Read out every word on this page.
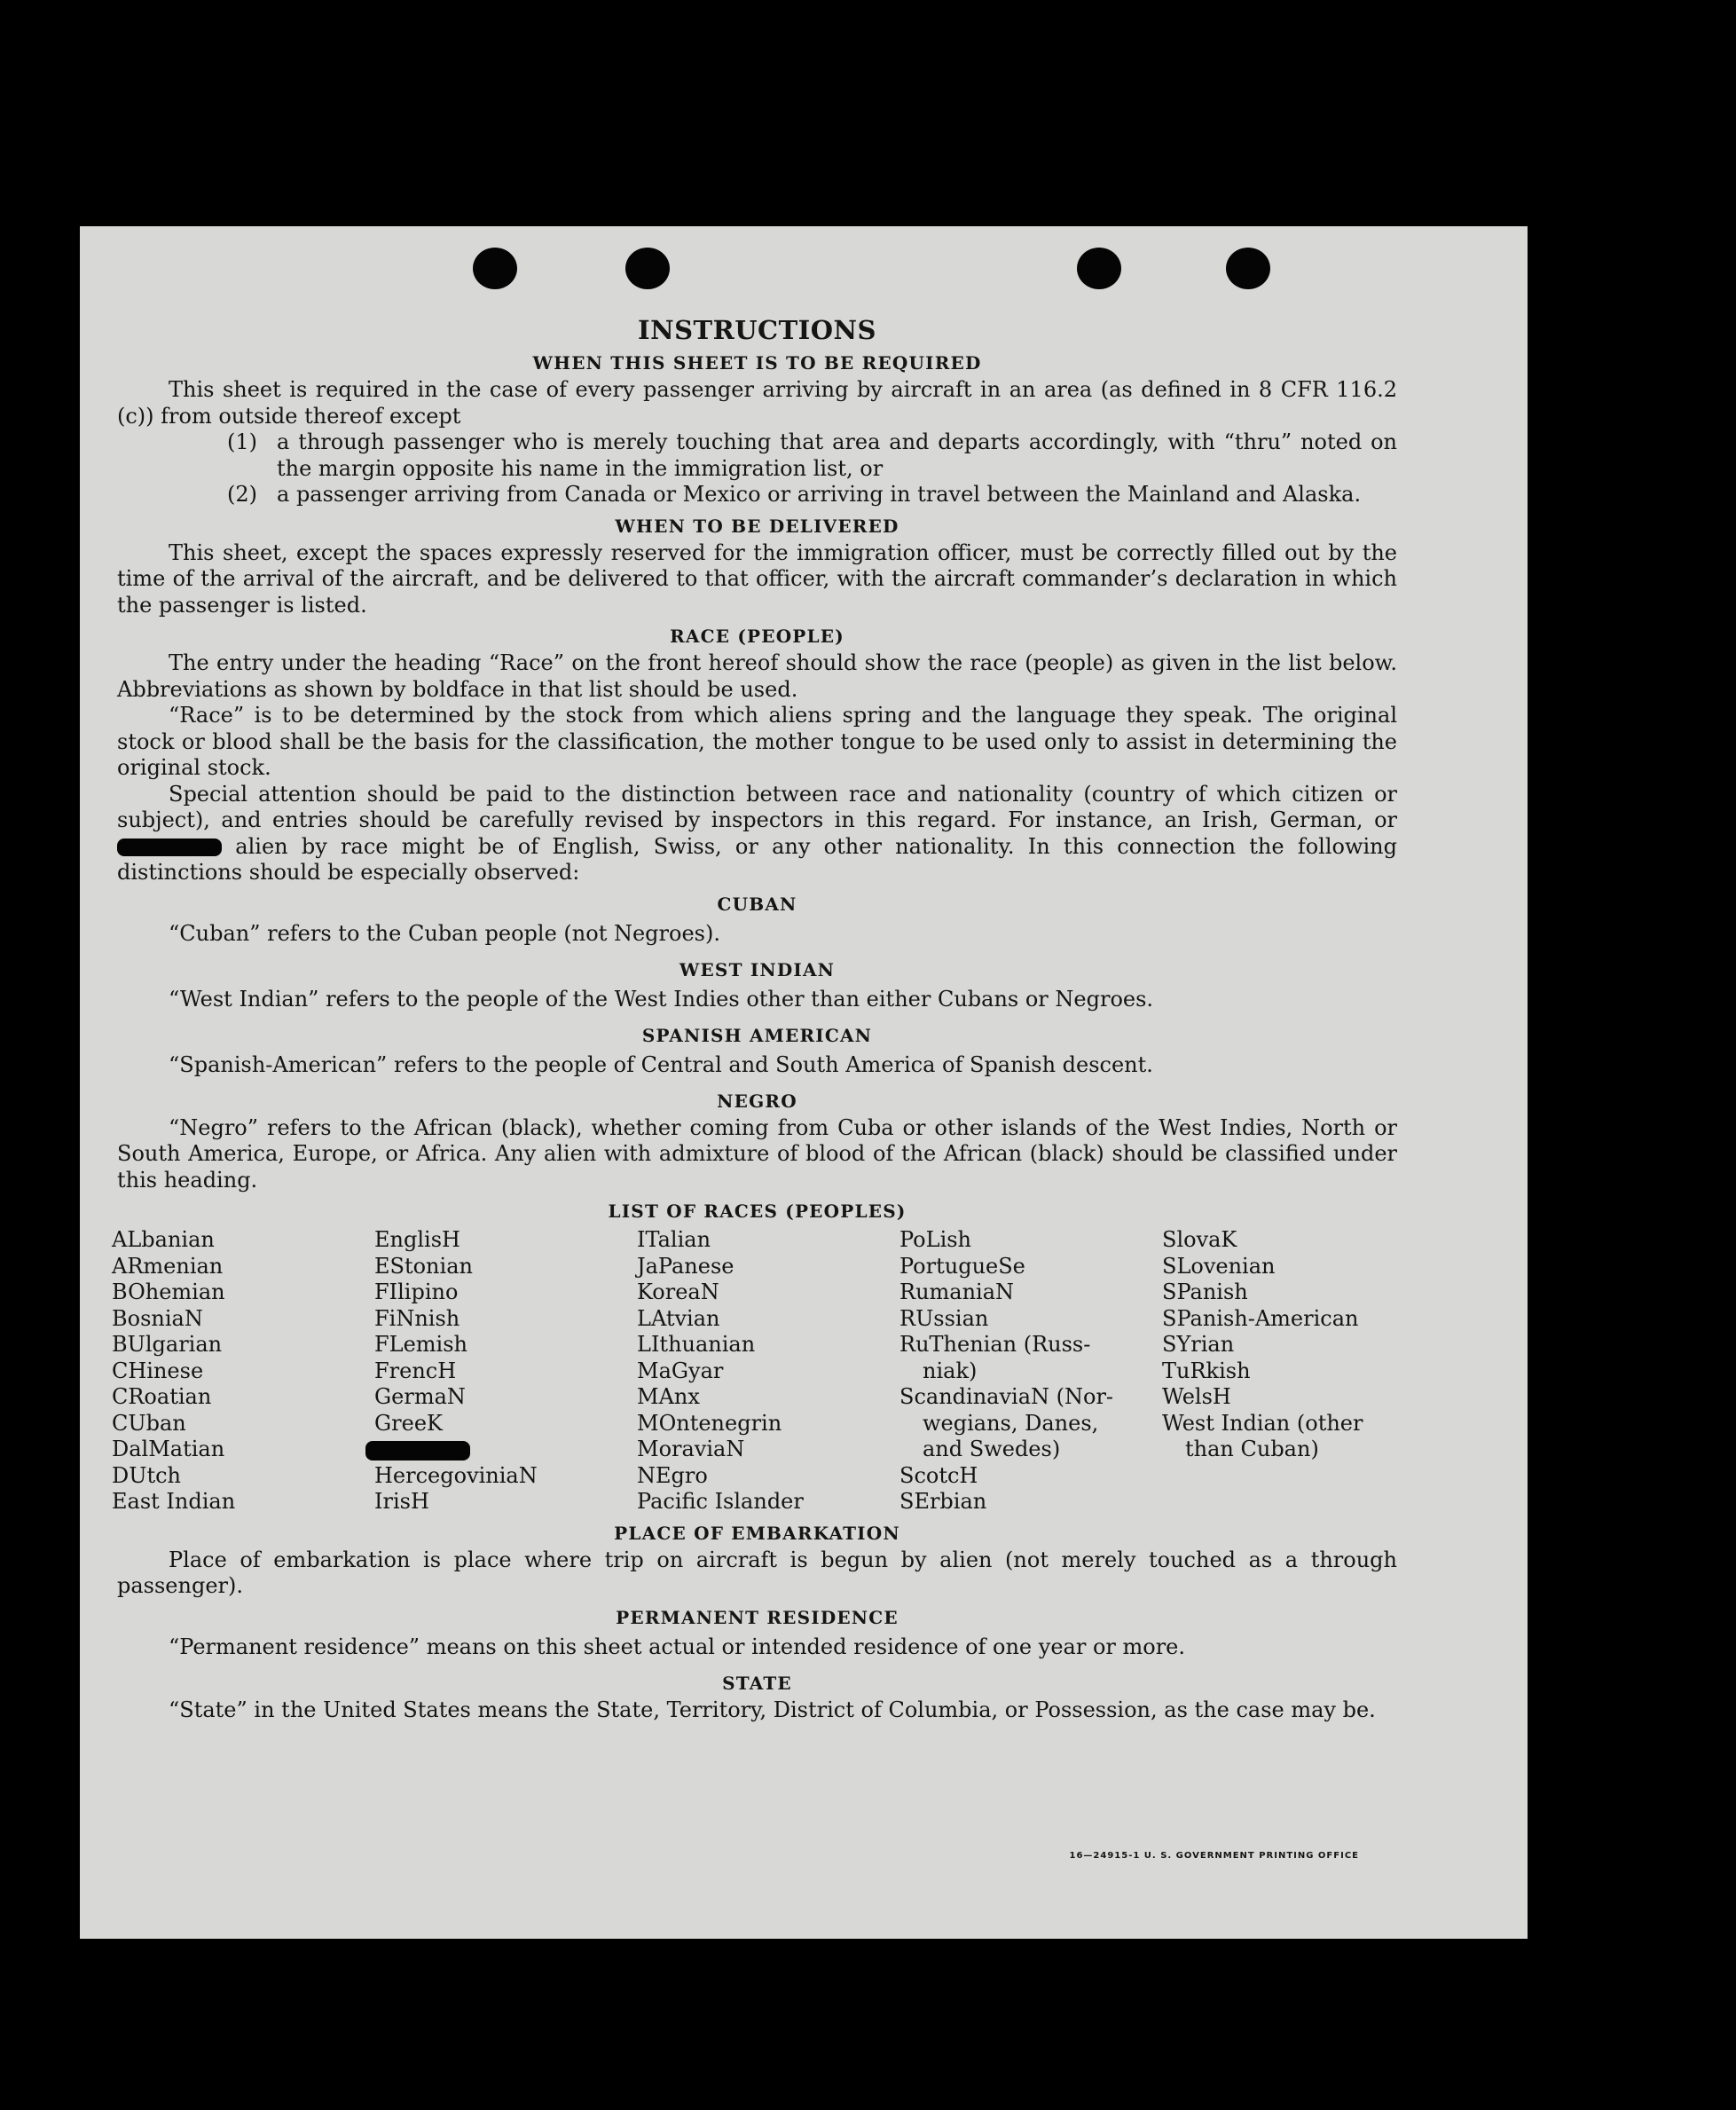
INSTRUCTIONS
WHEN THIS SHEET IS TO BE REQUIRED

This sheet is required in the case of every passenger arriving by aircraft in an area (as defined in 8 CFR 116.2 (c)) from outside thereof except

(1) a through passenger who is merely touching that area and departs accordingly, with “thru” noted on the margin opposite his name in the immigration list, or
(2) a passenger arriving from Canada or Mexico or arriving in travel between the Mainland and Alaska.
WHEN TO BE DELIVERED

This sheet, except the spaces expressly reserved for the immigration officer, must be correctly filled out by the time of the arrival of the aircraft, and be delivered to that officer, with the aircraft commander’s declaration in which the passenger is listed.

RACE (PEOPLE)

The entry under the heading “Race” on the front hereof should show the race (people) as given in the list below. Abbreviations as shown by boldface in that list should be used.

“Race” is to be determined by the stock from which aliens spring and the language they speak. The original stock or blood shall be the basis for the classification, the mother tongue to be used only to assist in determining the original stock.

Special attention should be paid to the distinction between race and nationality (country of which citizen or subject), and entries should be carefully revised by inspectors in this regard. For instance, an Irish, German, or  alien by race might be of English, Swiss, or any other nationality. In this connection the following distinctions should be especially observed:

CUBAN
“Cuban” refers to the Cuban people (not Negroes).
WEST INDIAN
“West Indian” refers to the people of the West Indies other than either Cubans or Negroes.
SPANISH AMERICAN
“Spanish-American” refers to the people of Central and South America of Spanish descent.
NEGRO

“Negro” refers to the African (black), whether coming from Cuba or other islands of the West Indies, North or South America, Europe, or Africa. Any alien with admixture of blood of the African (black) should be classified under this heading.

LIST OF RACES (PEOPLES)
ALbanian
ARmenian
BOhemian
BosniaN
BUlgarian
CHinese
CRoatian
CUban
DalMatian
DUtch
East Indian
EnglisH
EStonian
FIlipino
FiNnish
FLemish
FrencH
GermaN
GreeK
HercegoviniaN
IrisH
ITalian
JaPanese
KoreaN
LAtvian
LIthuanian
MaGyar
MAnx
MOntenegrin
MoraviaN
NEgro
Pacific Islander
PoLish
PortugueSe
RumaniaN
RUssian
RuThenian (Russ-
niak)
ScandinaviaN (Nor-
wegians, Danes,
and Swedes)
ScotcH
SErbian
SlovaK
SLovenian
SPanish
SPanish-American
SYrian
TuRkish
WelsH
West Indian (other
than Cuban)
PLACE OF EMBARKATION

Place of embarkation is place where trip on aircraft is begun by alien (not merely touched as a through passenger).

PERMANENT RESIDENCE
“Permanent residence” means on this sheet actual or intended residence of one year or more.
STATE

“State” in the United States means the State, Territory, District of Columbia, or Possession, as the case may be.

16—24915-1 U. S. GOVERNMENT PRINTING OFFICE
